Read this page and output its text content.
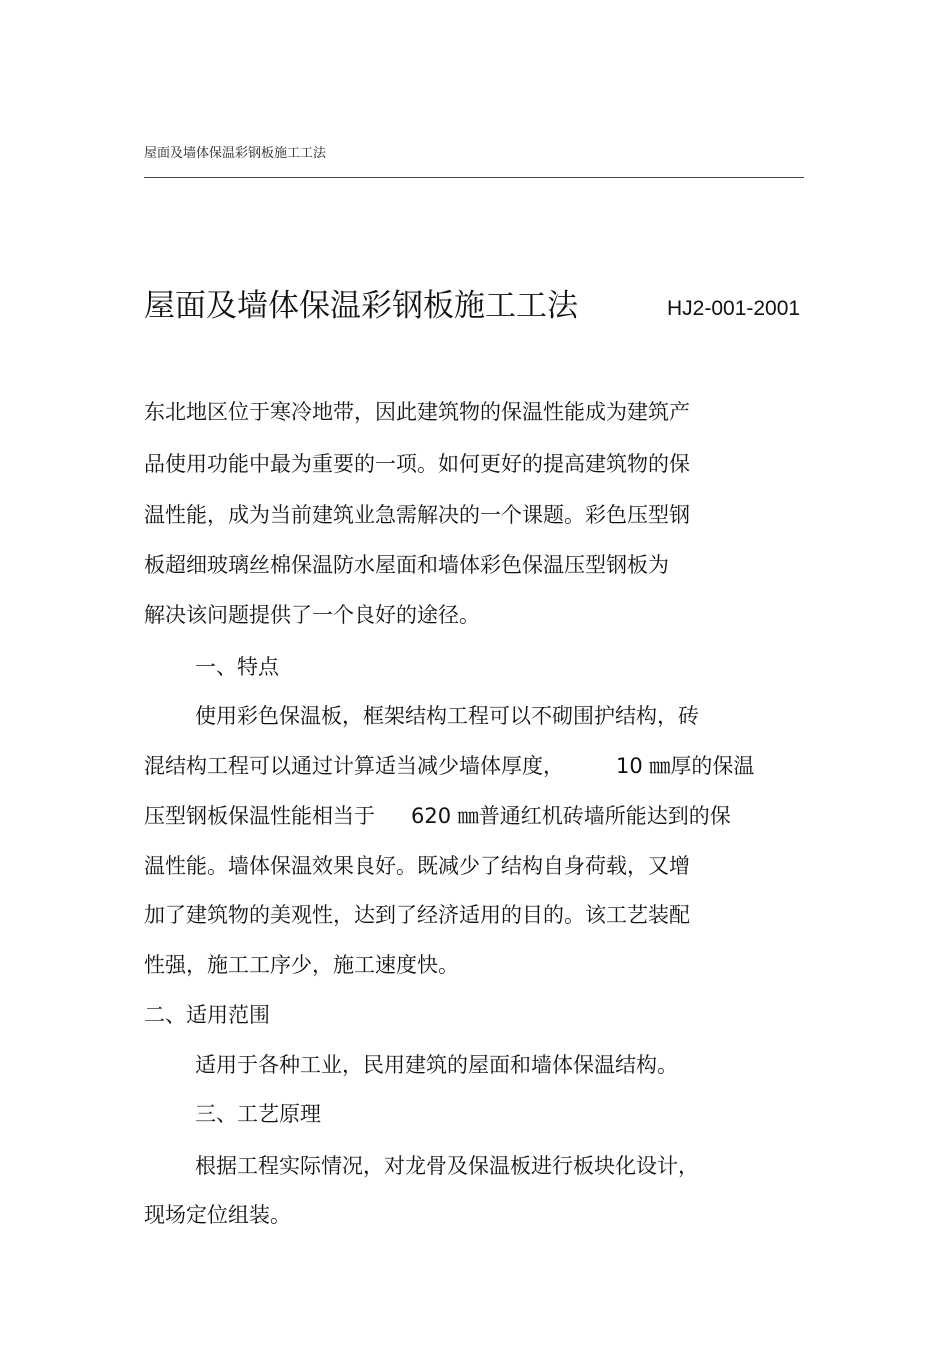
屋面及墙体保温彩钢板施工工法
屋面及墙体保温彩钢板施工工法	HJ2-001-2001
东北地区位于寒冷地带，因此建筑物的保温性能成为建筑产
品使用功能中最为重要的一项。如何更好的提高建筑物的保
温性能，成为当前建筑业急需解决的一个课题。彩色压型钢
板超细玻璃丝棉保温防水屋面和墙体彩色保温压型钢板为
解决该问题提供了一个良好的途径。
一、特点
使用彩色保温板，框架结构工程可以不砌围护结构，砖
混结构工程可以通过计算适当减少墙体厚度， 10 ㎜厚的保温
压型钢板保温性能相当于 620 ㎜普通红机砖墙所能达到的保
温性能。墙体保温效果良好。既减少了结构自身荷载，又增
加了建筑物的美观性，达到了经济适用的目的。该工艺装配
性强，施工工序少，施工速度快。
二、适用范围
适用于各种工业，民用建筑的屋面和墙体保温结构。
三、工艺原理
根据工程实际情况，对龙骨及保温板进行板块化设计，
现场定位组装。
